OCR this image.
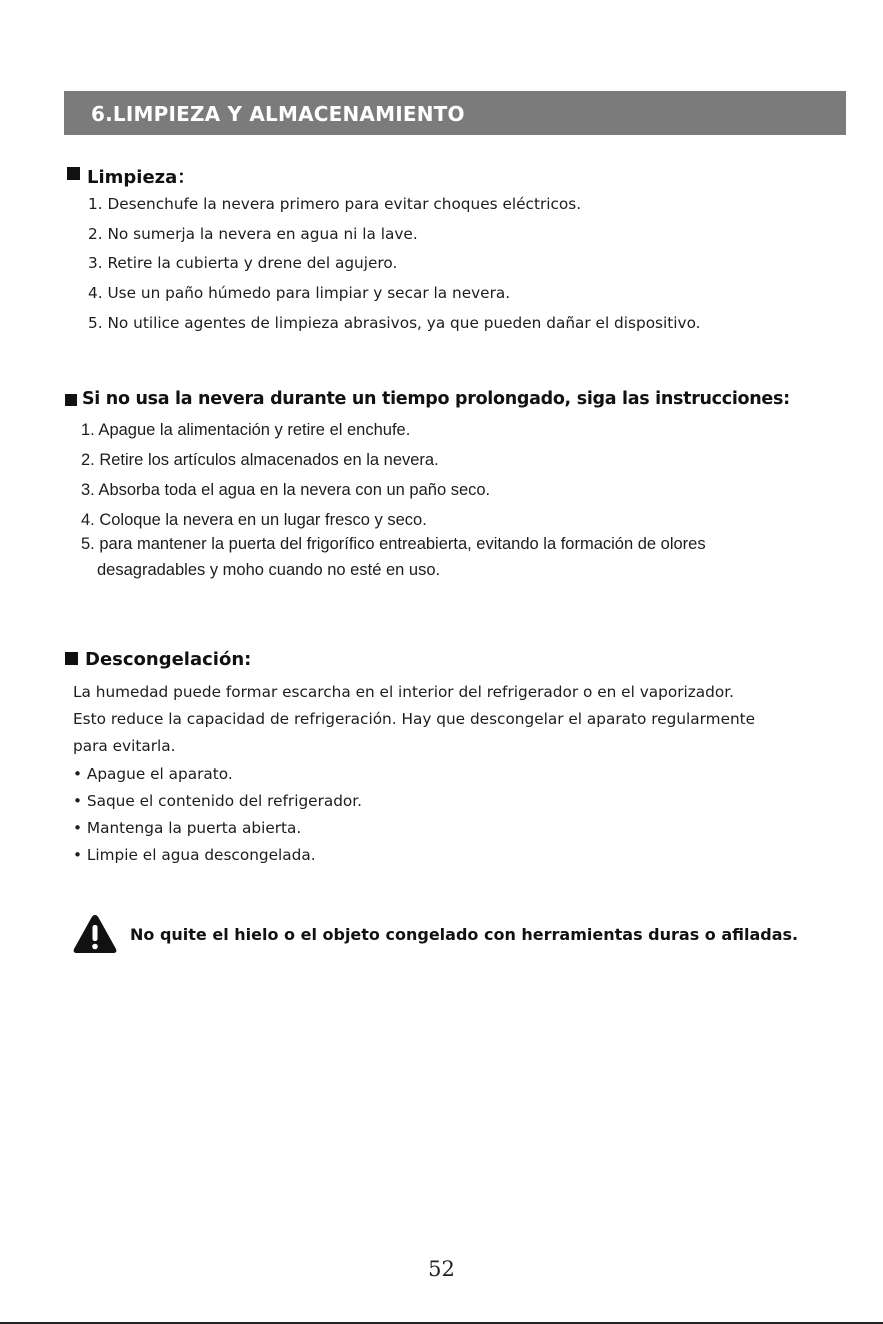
6.LIMPIEZA Y ALMACENAMIENTO
Limpieza：
1. Desenchufe la nevera primero para evitar choques eléctricos.
2. No sumerja la nevera en agua ni la lave.
3. Retire la cubierta y drene del agujero.
4. Use un paño húmedo para limpiar y secar la nevera.
5. No utilice agentes de limpieza abrasivos, ya que pueden dañar el dispositivo.
Si no usa la nevera durante un tiempo prolongado, siga las instrucciones:
1. Apague la alimentación y retire el enchufe.
2. Retire los artículos almacenados en la nevera.
3. Absorba toda el agua en la nevera con un paño seco.
4. Coloque la nevera en un lugar fresco y seco.
5. para mantener la puerta del frigorífico entreabierta, evitando la formación de olores
desagradables y moho cuando no esté en uso.
Descongelación:
La humedad puede formar escarcha en el interior del refrigerador o en el vaporizador.
Esto reduce la capacidad de refrigeración. Hay que descongelar el aparato regularmente
para evitarla.
• Apague el aparato.
• Saque el contenido del refrigerador.
• Mantenga la puerta abierta.
• Limpie el agua descongelada.
No quite el hielo o el objeto congelado con herramientas duras o afiladas.
52
